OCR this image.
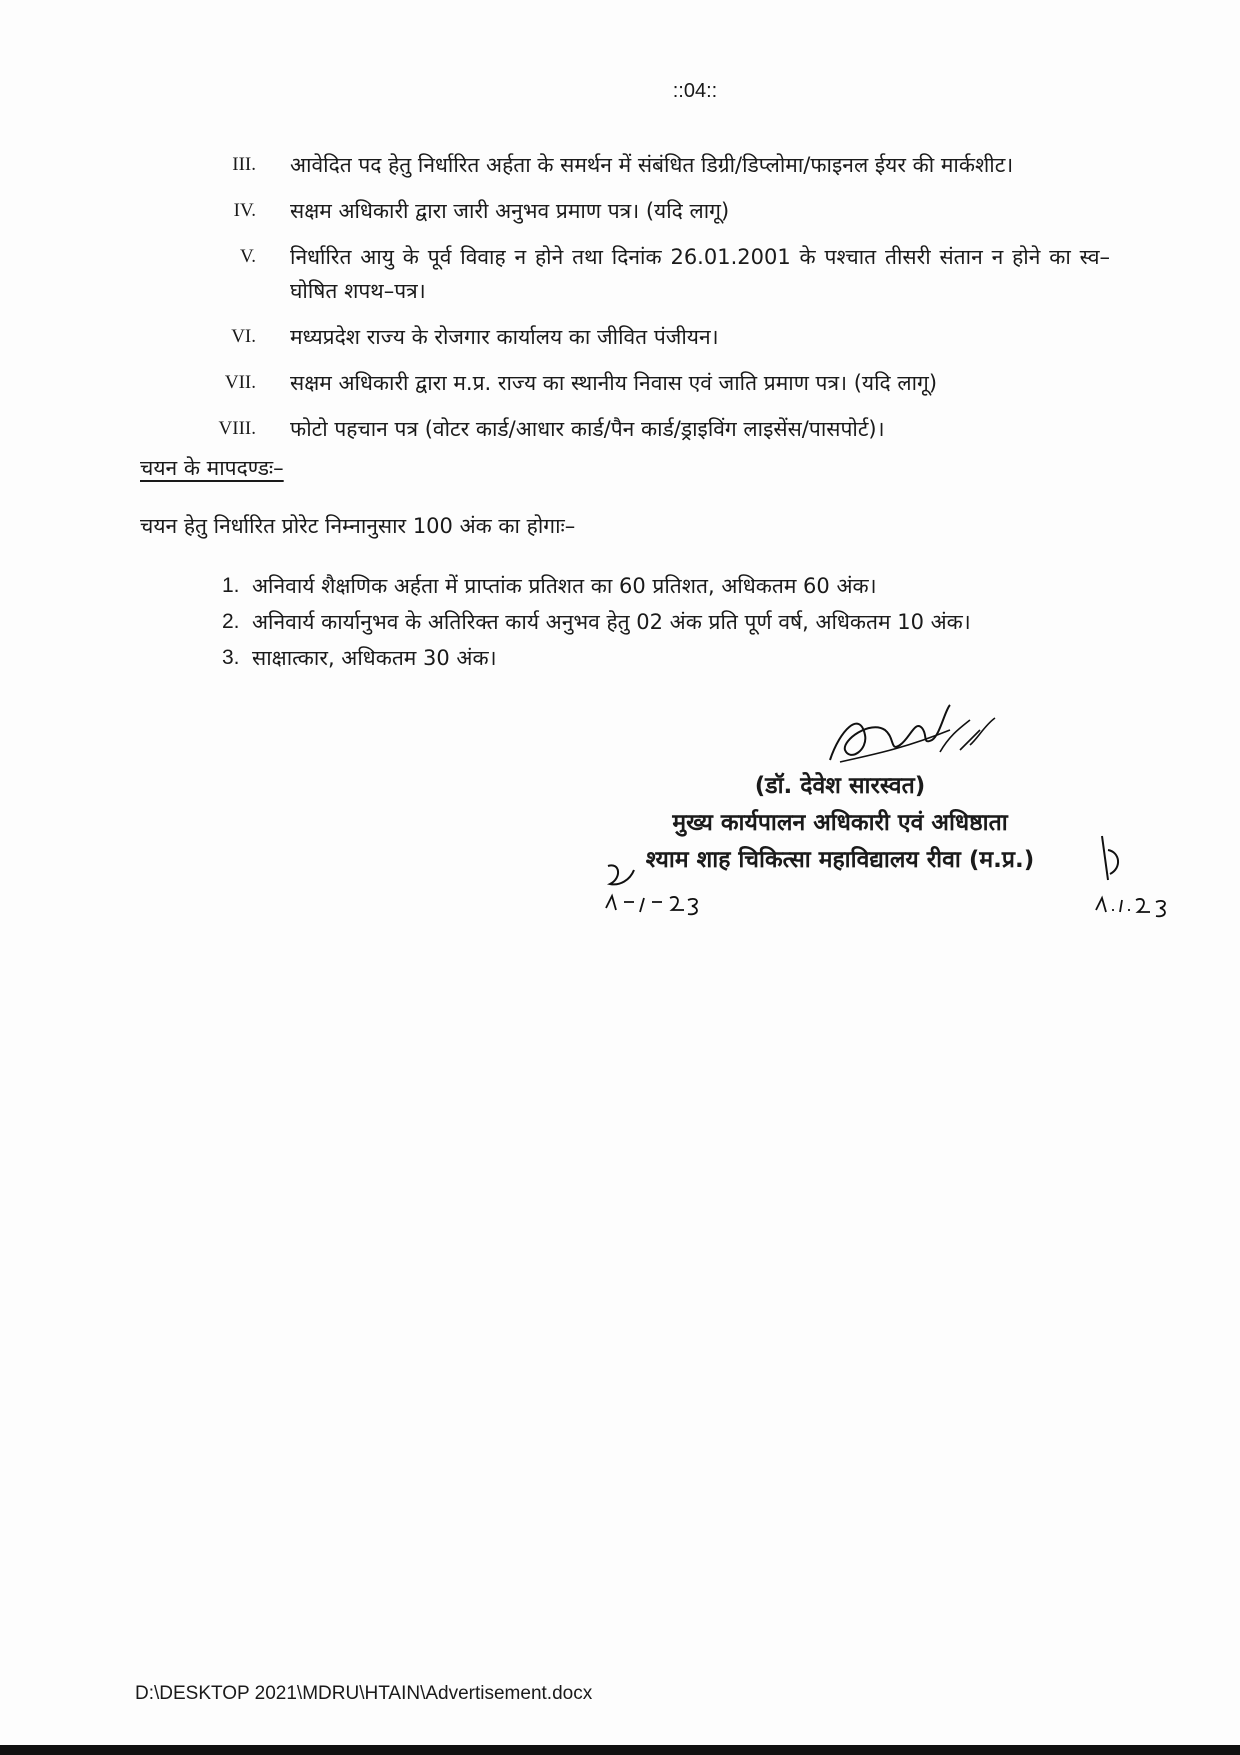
::04::
III.	आवेदित पद हेतु निर्धारित अर्हता के समर्थन में संबंधित डिग्री/डिप्लोमा/फाइनल ईयर की मार्कशीट।
IV.	सक्षम अधिकारी द्वारा जारी अनुभव प्रमाण पत्र। (यदि लागू)
V.	निर्धारित आयु के पूर्व विवाह न होने तथा दिनांक 26.01.2001 के पश्चात तीसरी संतान न होने का स्व–घोषित शपथ–पत्र।
VI.	मध्यप्रदेश राज्य के रोजगार कार्यालय का जीवित पंजीयन।
VII.	सक्षम अधिकारी द्वारा म.प्र. राज्य का स्थानीय निवास एवं जाति प्रमाण पत्र। (यदि लागू)
VIII.	फोटो पहचान पत्र (वोटर कार्ड/आधार कार्ड/पैन कार्ड/ड्राइविंग लाइसेंस/पासपोर्ट)।
चयन के मापदण्डः–
चयन हेतु निर्धारित प्रोरेट निम्नानुसार 100 अंक का होगाः–
1. अनिवार्य शैक्षणिक अर्हता में प्राप्तांक प्रतिशत का 60 प्रतिशत, अधिकतम 60 अंक।
2. अनिवार्य कार्यानुभव के अतिरिक्त कार्य अनुभव हेतु 02 अंक प्रति पूर्ण वर्ष, अधिकतम 10 अंक।
3. साक्षात्कार, अधिकतम 30 अंक।
(डॉ. देवेश सारस्वत)
मुख्य कार्यपालन अधिकारी एवं अधिष्ठाता
श्याम शाह चिकित्सा महाविद्यालय रीवा (म.प्र.)
D:\DESKTOP 2021\MDRU\HTAIN\Advertisement.docx
